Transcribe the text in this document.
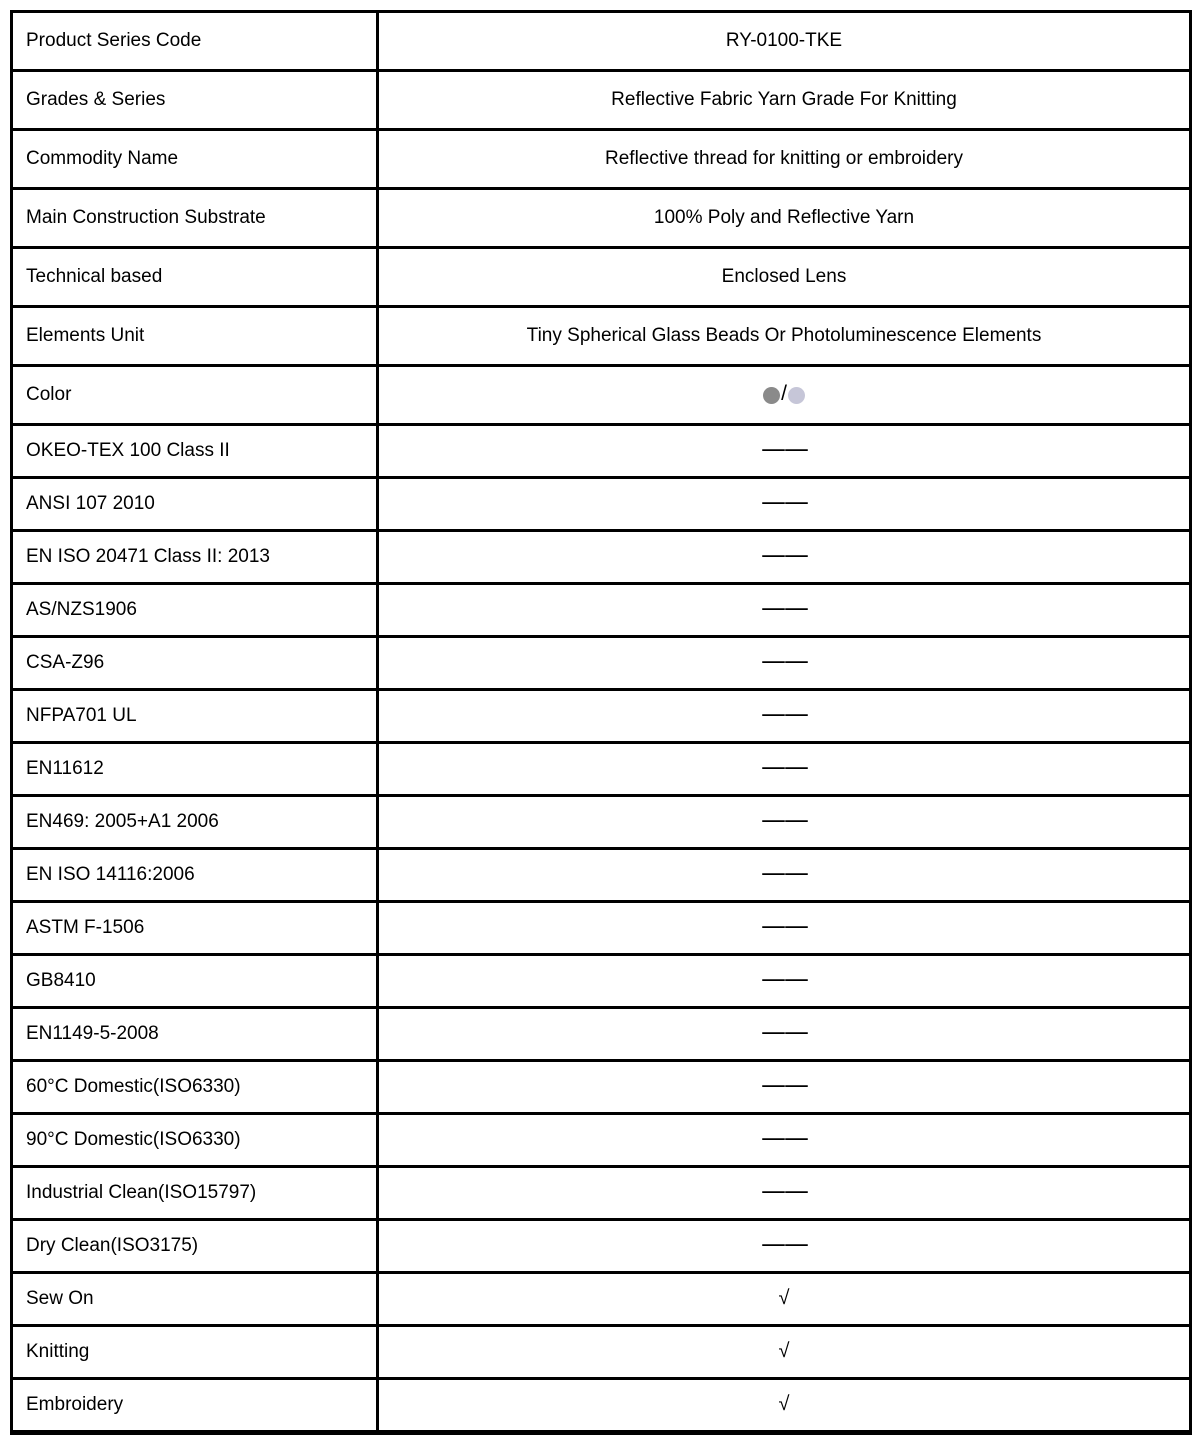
Product Series Code	RY-0100-TKE
Grades & Series	Reflective Fabric Yarn Grade For Knitting
Commodity Name	Reflective thread for knitting or embroidery
Main Construction Substrate	100% Poly and Reflective Yarn
Technical based	Enclosed Lens
Elements Unit	Tiny Spherical Glass Beads Or Photoluminescence Elements
Color	/
OKEO-TEX 100 Class II	——
ANSI 107 2010	——
EN ISO 20471 Class II: 2013	——
AS/NZS1906	——
CSA-Z96	——
NFPA701 UL	——
EN11612	——
EN469: 2005+A1 2006	——
EN ISO 14116:2006	——
ASTM F-1506	——
GB8410	——
EN1149-5-2008	——
60°C Domestic(ISO6330)	——
90°C Domestic(ISO6330)	——
Industrial Clean(ISO15797)	——
Dry Clean(ISO3175)	——
Sew On	√
Knitting	√
Embroidery	√
